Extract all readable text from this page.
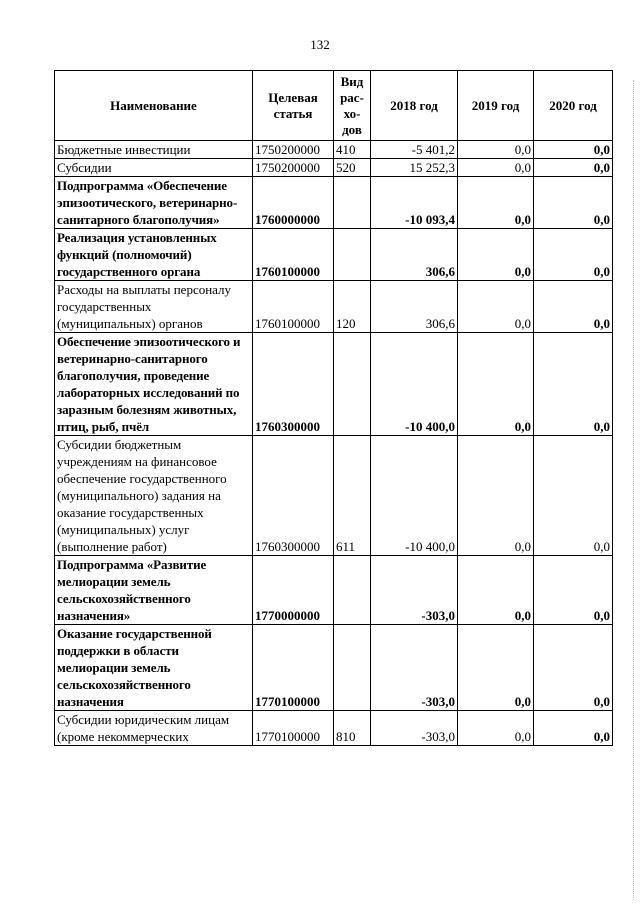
132
Наименование	Целевая статья	Вид рас-хо-дов	2018 год	2019 год	2020 год
Бюджетные инвестиции	1750200000	410	-5 401,2	0,0	0,0
Субсидии	1750200000	520	15 252,3	0,0	0,0
Подпрограмма «Обеспечение эпизоотического, ветеринарно-санитарного благополучия»	1760000000		-10 093,4	0,0	0,0
Реализация установленных функций (полномочий) государственного органа	1760100000		306,6	0,0	0,0
Расходы на выплаты персоналу государственных (муниципальных) органов	1760100000	120	306,6	0,0	0,0
Обеспечение эпизоотического и ветеринарно-санитарного благополучия, проведение лабораторных исследований по заразным болезням животных, птиц, рыб, пчёл	1760300000		-10 400,0	0,0	0,0
Субсидии бюджетным учреждениям на финансовое обеспечение государственного (муниципального) задания на оказание государственных (муниципальных) услуг (выполнение работ)	1760300000	611	-10 400,0	0,0	0,0
Подпрограмма «Развитие мелиорации земель сельскохозяйственного назначения»	1770000000		-303,0	0,0	0,0
Оказание государственной поддержки в области мелиорации земель сельскохозяйственного назначения	1770100000		-303,0	0,0	0,0
Субсидии юридическим лицам (кроме некоммерческих	1770100000	810	-303,0	0,0	0,0
